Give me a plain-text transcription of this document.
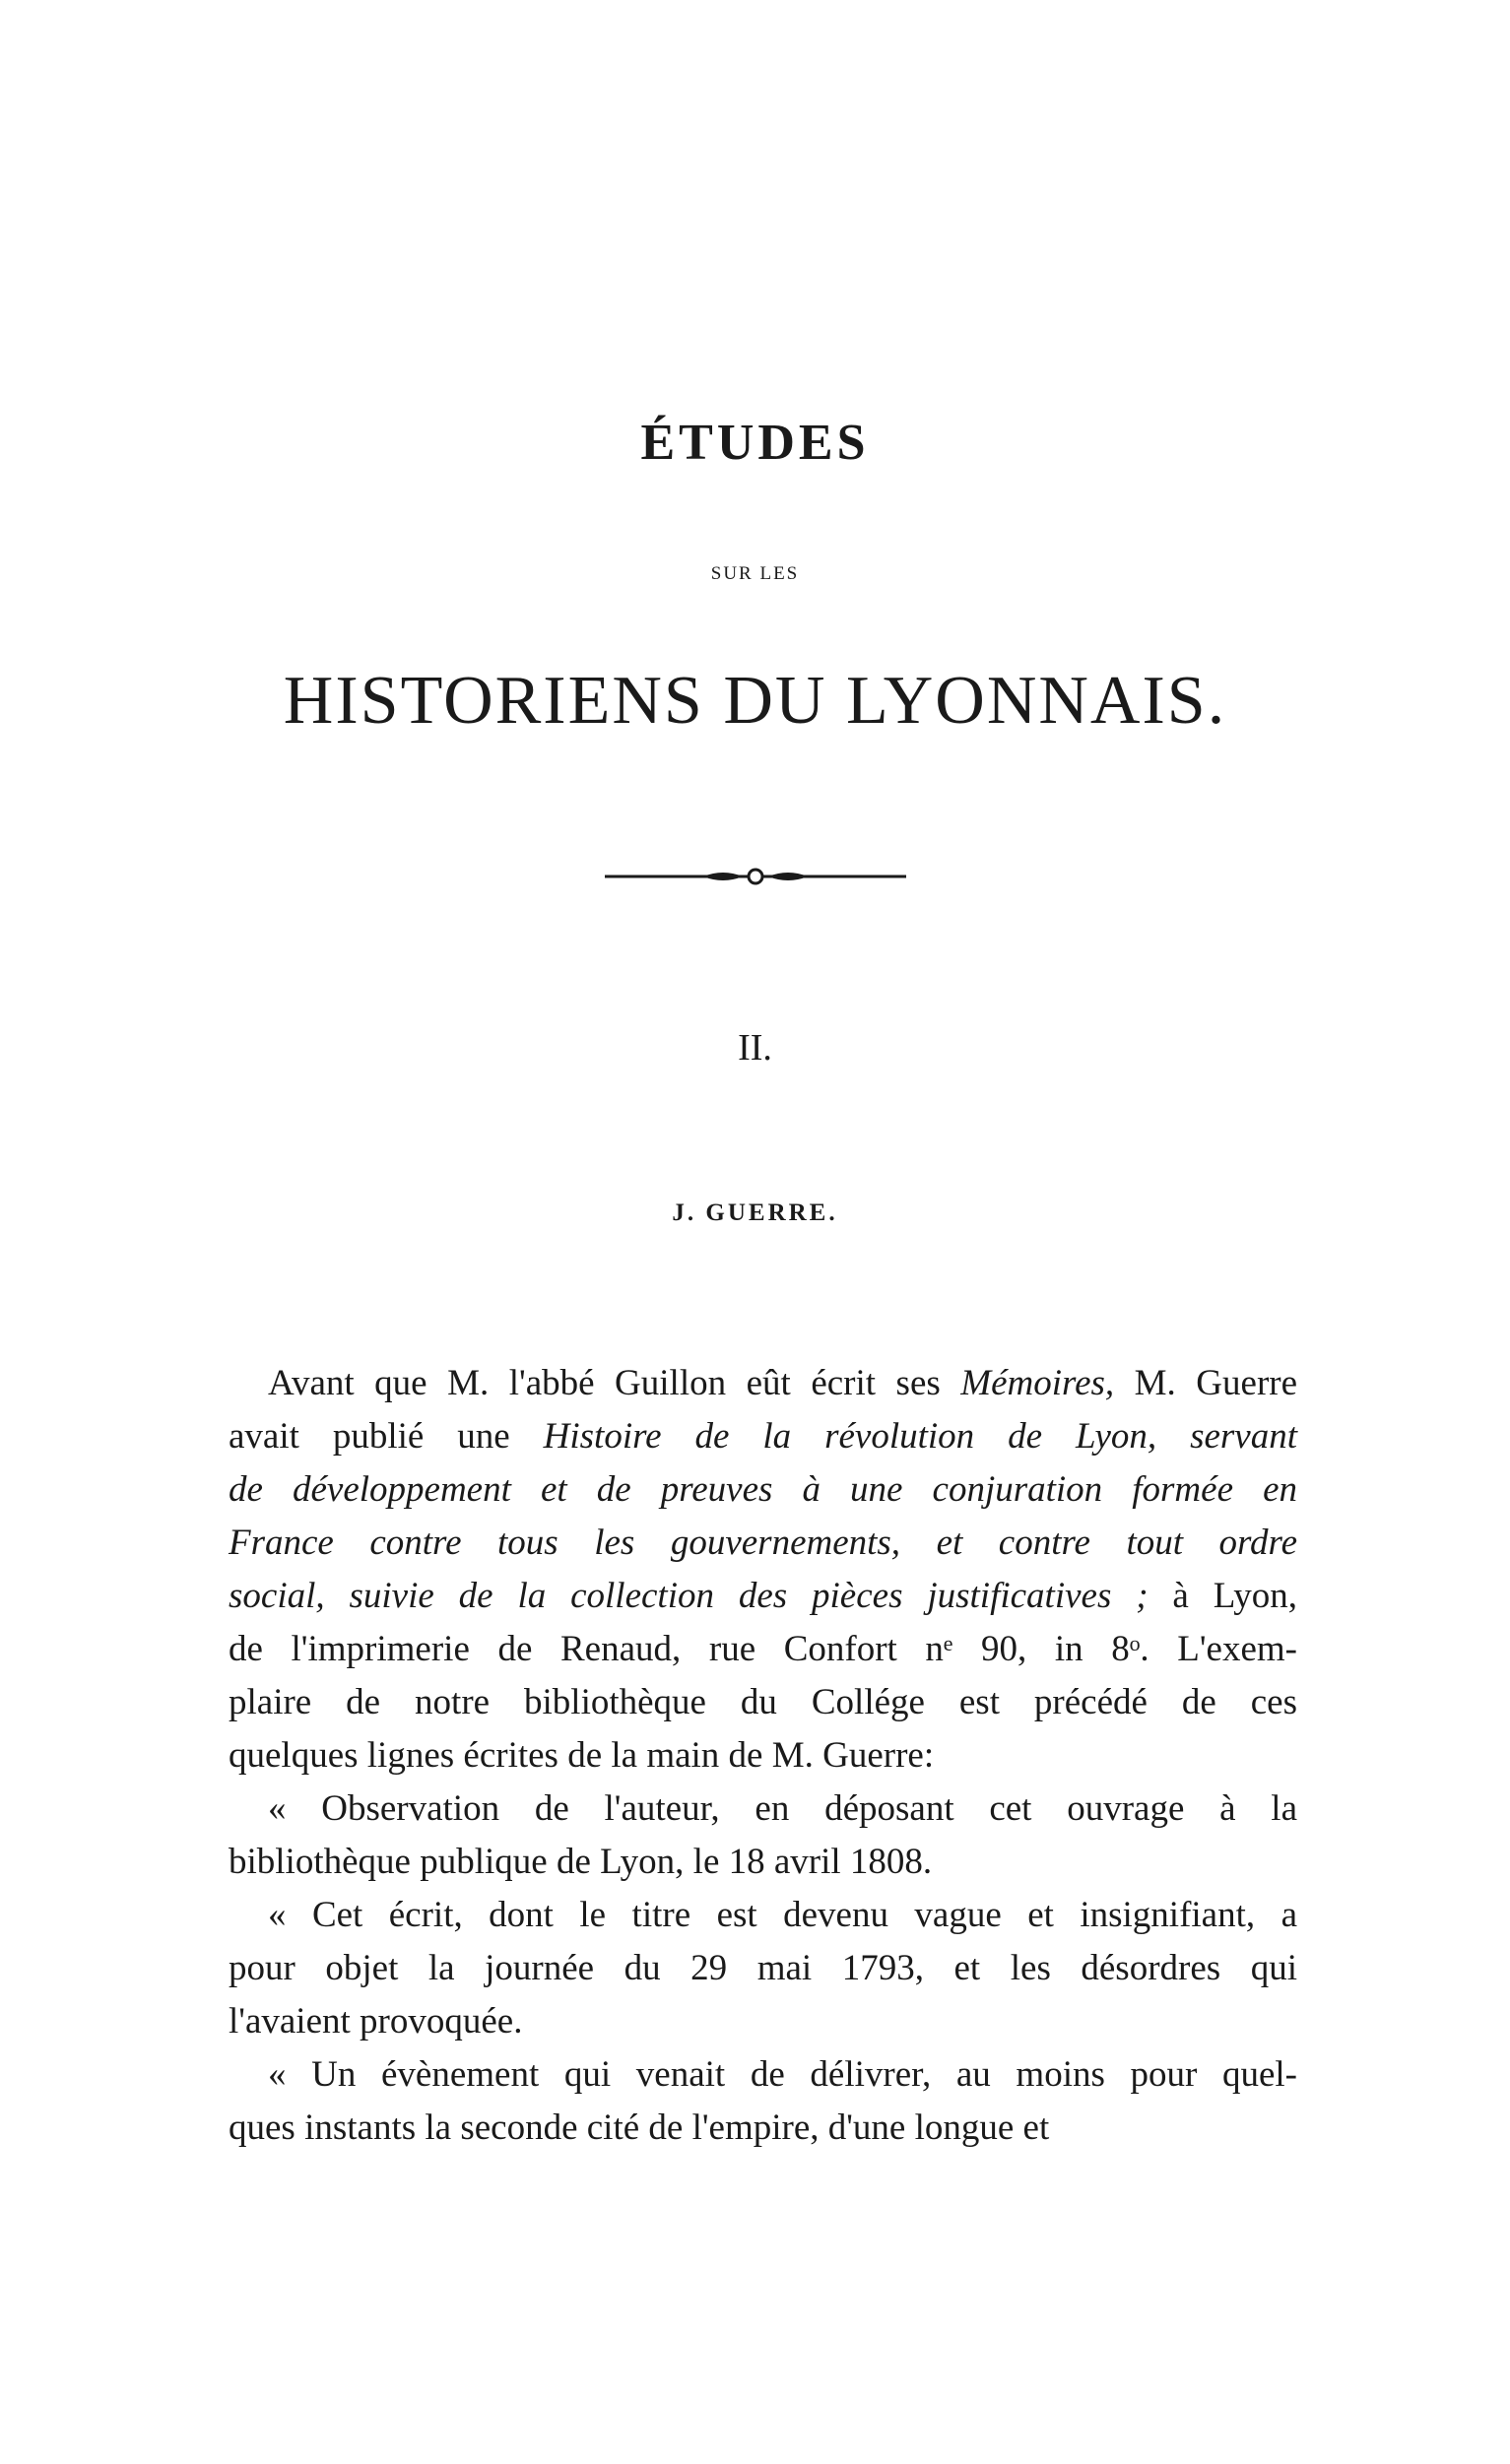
ÉTUDES
SUR LES
HISTORIENS DU LYONNAIS.
II.
J. GUERRE.
Avant que M. l'abbé Guillon eût écrit ses Mémoires, M. Guerre
avait publié une Histoire de la révolution de Lyon, servant
de développement et de preuves à une conjuration formée en
France contre tous les gouvernements, et contre tout ordre
social, suivie de la collection des pièces justificatives ; à Lyon,
de l'imprimerie de Renaud, rue Confort nᵉ 90, in 8ᵒ. L'exem-
plaire de notre bibliothèque du Collége est précédé de ces
quelques lignes écrites de la main de M. Guerre:
« Observation de l'auteur, en déposant cet ouvrage à la
bibliothèque publique de Lyon, le 18 avril 1808.
« Cet écrit, dont le titre est devenu vague et insignifiant, a
pour objet la journée du 29 mai 1793, et les désordres qui
l'avaient provoquée.
« Un évènement qui venait de délivrer, au moins pour quel-
ques instants la seconde cité de l'empire, d'une longue et
